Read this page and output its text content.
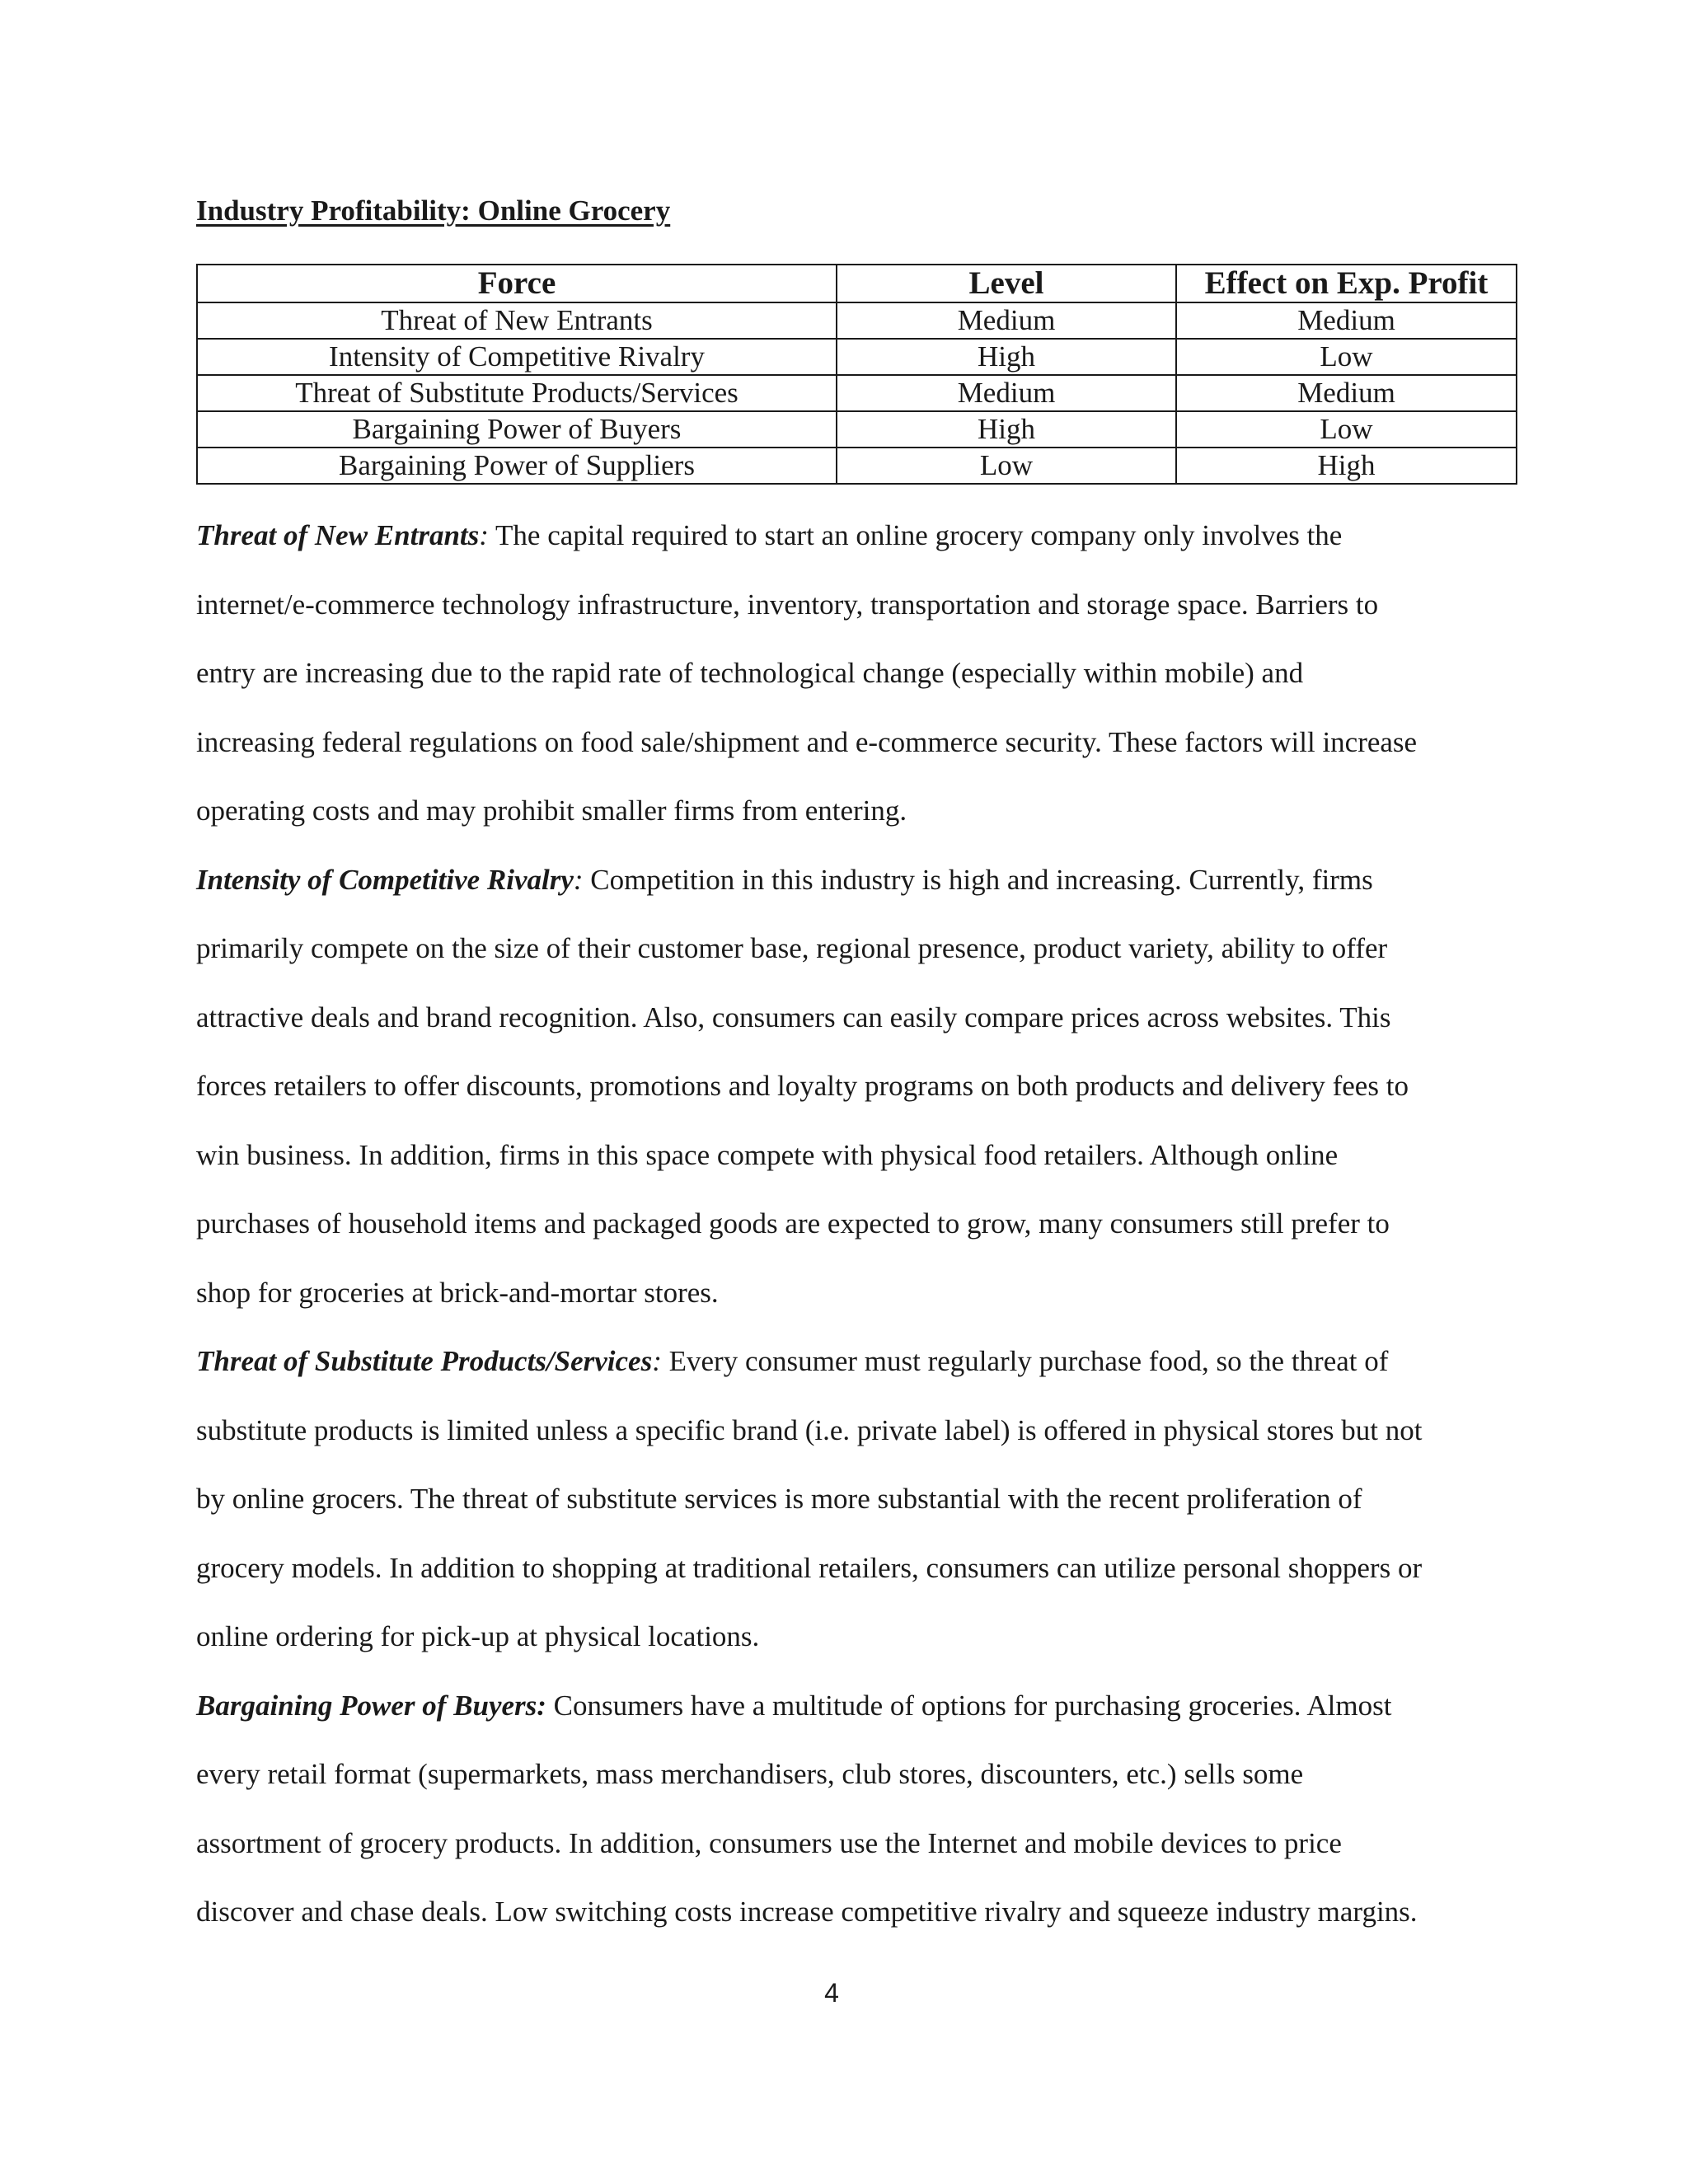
Industry Profitability: Online Grocery
Force	Level	Effect on Exp. Profit
Threat of New Entrants	Medium	Medium
Intensity of Competitive Rivalry	High	Low
Threat of Substitute Products/Services	Medium	Medium
Bargaining Power of Buyers	High	Low
Bargaining Power of Suppliers	Low	High
Threat of New Entrants: The capital required to start an online grocery company only involves the
internet/e-commerce technology infrastructure, inventory, transportation and storage space. Barriers to
entry are increasing due to the rapid rate of technological change (especially within mobile) and
increasing federal regulations on food sale/shipment and e-commerce security. These factors will increase
operating costs and may prohibit smaller firms from entering.
Intensity of Competitive Rivalry: Competition in this industry is high and increasing. Currently, firms
primarily compete on the size of their customer base, regional presence, product variety, ability to offer
attractive deals and brand recognition. Also, consumers can easily compare prices across websites. This
forces retailers to offer discounts, promotions and loyalty programs on both products and delivery fees to
win business. In addition, firms in this space compete with physical food retailers. Although online
purchases of household items and packaged goods are expected to grow, many consumers still prefer to
shop for groceries at brick-and-mortar stores.
Threat of Substitute Products/Services: Every consumer must regularly purchase food, so the threat of
substitute products is limited unless a specific brand (i.e. private label) is offered in physical stores but not
by online grocers. The threat of substitute services is more substantial with the recent proliferation of
grocery models. In addition to shopping at traditional retailers, consumers can utilize personal shoppers or
online ordering for pick-up at physical locations.
Bargaining Power of Buyers: Consumers have a multitude of options for purchasing groceries. Almost
every retail format (supermarkets, mass merchandisers, club stores, discounters, etc.) sells some
assortment of grocery products. In addition, consumers use the Internet and mobile devices to price
discover and chase deals. Low switching costs increase competitive rivalry and squeeze industry margins.
4
